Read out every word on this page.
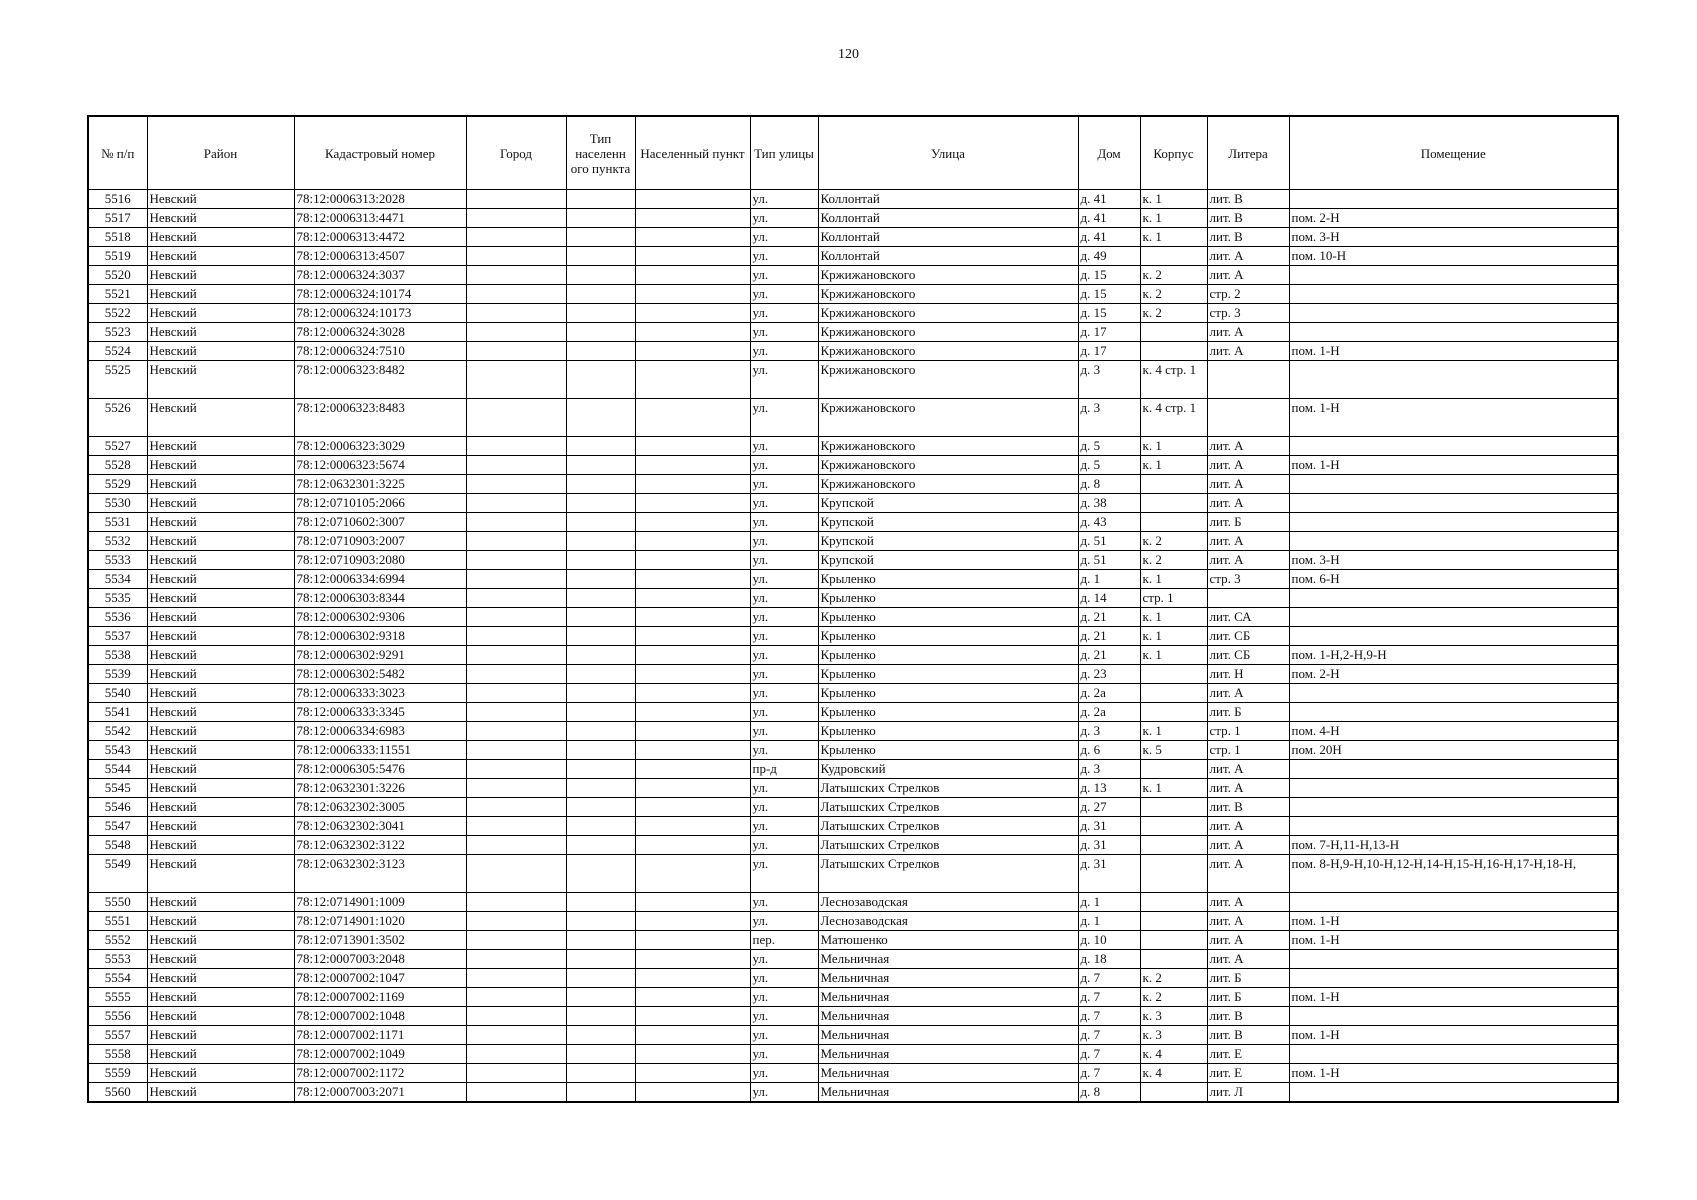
120
№ п/п	Район	Кадастровый номер	Город	Тип населенн ого пункта	Населенный пункт	Тип улицы	Улица	Дом	Корпус	Литера	Помещение
5516	Невский	78:12:0006313:2028				ул.	Коллонтай	д. 41	к. 1	лит. В	
5517	Невский	78:12:0006313:4471				ул.	Коллонтай	д. 41	к. 1	лит. В	пом. 2-Н
5518	Невский	78:12:0006313:4472				ул.	Коллонтай	д. 41	к. 1	лит. В	пом. 3-Н
5519	Невский	78:12:0006313:4507				ул.	Коллонтай	д. 49		лит. А	пом. 10-Н
5520	Невский	78:12:0006324:3037				ул.	Кржижановского	д. 15	к. 2	лит. А	
5521	Невский	78:12:0006324:10174				ул.	Кржижановского	д. 15	к. 2	стр. 2	
5522	Невский	78:12:0006324:10173				ул.	Кржижановского	д. 15	к. 2	стр. 3	
5523	Невский	78:12:0006324:3028				ул.	Кржижановского	д. 17		лит. А	
5524	Невский	78:12:0006324:7510				ул.	Кржижановского	д. 17		лит. А	пом. 1-Н
5525	Невский	78:12:0006323:8482				ул.	Кржижановского	д. 3	к. 4 стр. 1		
5526	Невский	78:12:0006323:8483				ул.	Кржижановского	д. 3	к. 4 стр. 1		пом. 1-Н
5527	Невский	78:12:0006323:3029				ул.	Кржижановского	д. 5	к. 1	лит. А	
5528	Невский	78:12:0006323:5674				ул.	Кржижановского	д. 5	к. 1	лит. А	пом. 1-Н
5529	Невский	78:12:0632301:3225				ул.	Кржижановского	д. 8		лит. А	
5530	Невский	78:12:0710105:2066				ул.	Крупской	д. 38		лит. А	
5531	Невский	78:12:0710602:3007				ул.	Крупской	д. 43		лит. Б	
5532	Невский	78:12:0710903:2007				ул.	Крупской	д. 51	к. 2	лит. А	
5533	Невский	78:12:0710903:2080				ул.	Крупской	д. 51	к. 2	лит. А	пом. 3-Н
5534	Невский	78:12:0006334:6994				ул.	Крыленко	д. 1	к. 1	стр. 3	пом. 6-Н
5535	Невский	78:12:0006303:8344				ул.	Крыленко	д. 14	стр. 1		
5536	Невский	78:12:0006302:9306				ул.	Крыленко	д. 21	к. 1	лит. СА	
5537	Невский	78:12:0006302:9318				ул.	Крыленко	д. 21	к. 1	лит. СБ	
5538	Невский	78:12:0006302:9291				ул.	Крыленко	д. 21	к. 1	лит. СБ	пом. 1-Н,2-Н,9-Н
5539	Невский	78:12:0006302:5482				ул.	Крыленко	д. 23		лит. Н	пом. 2-Н
5540	Невский	78:12:0006333:3023				ул.	Крыленко	д. 2а		лит. А	
5541	Невский	78:12:0006333:3345				ул.	Крыленко	д. 2а		лит. Б	
5542	Невский	78:12:0006334:6983				ул.	Крыленко	д. 3	к. 1	стр. 1	пом. 4-Н
5543	Невский	78:12:0006333:11551				ул.	Крыленко	д. 6	к. 5	стр. 1	пом. 20Н
5544	Невский	78:12:0006305:5476				пр-д	Кудровский	д. 3		лит. А	
5545	Невский	78:12:0632301:3226				ул.	Латышских Стрелков	д. 13	к. 1	лит. А	
5546	Невский	78:12:0632302:3005				ул.	Латышских Стрелков	д. 27		лит. В	
5547	Невский	78:12:0632302:3041				ул.	Латышских Стрелков	д. 31		лит. А	
5548	Невский	78:12:0632302:3122				ул.	Латышских Стрелков	д. 31		лит. А	пом. 7-Н,11-Н,13-Н
5549	Невский	78:12:0632302:3123				ул.	Латышских Стрелков	д. 31		лит. А	пом. 8-Н,9-Н,10-Н,12-Н,14-Н,15-Н,16-Н,17-Н,18-Н,
5550	Невский	78:12:0714901:1009				ул.	Леснозаводская	д. 1		лит. А	
5551	Невский	78:12:0714901:1020				ул.	Леснозаводская	д. 1		лит. А	пом. 1-Н
5552	Невский	78:12:0713901:3502				пер.	Матюшенко	д. 10		лит. А	пом. 1-Н
5553	Невский	78:12:0007003:2048				ул.	Мельничная	д. 18		лит. А	
5554	Невский	78:12:0007002:1047				ул.	Мельничная	д. 7	к. 2	лит. Б	
5555	Невский	78:12:0007002:1169				ул.	Мельничная	д. 7	к. 2	лит. Б	пом. 1-Н
5556	Невский	78:12:0007002:1048				ул.	Мельничная	д. 7	к. 3	лит. В	
5557	Невский	78:12:0007002:1171				ул.	Мельничная	д. 7	к. 3	лит. В	пом. 1-Н
5558	Невский	78:12:0007002:1049				ул.	Мельничная	д. 7	к. 4	лит. Е	
5559	Невский	78:12:0007002:1172				ул.	Мельничная	д. 7	к. 4	лит. Е	пом. 1-Н
5560	Невский	78:12:0007003:2071				ул.	Мельничная	д. 8		лит. Л	
